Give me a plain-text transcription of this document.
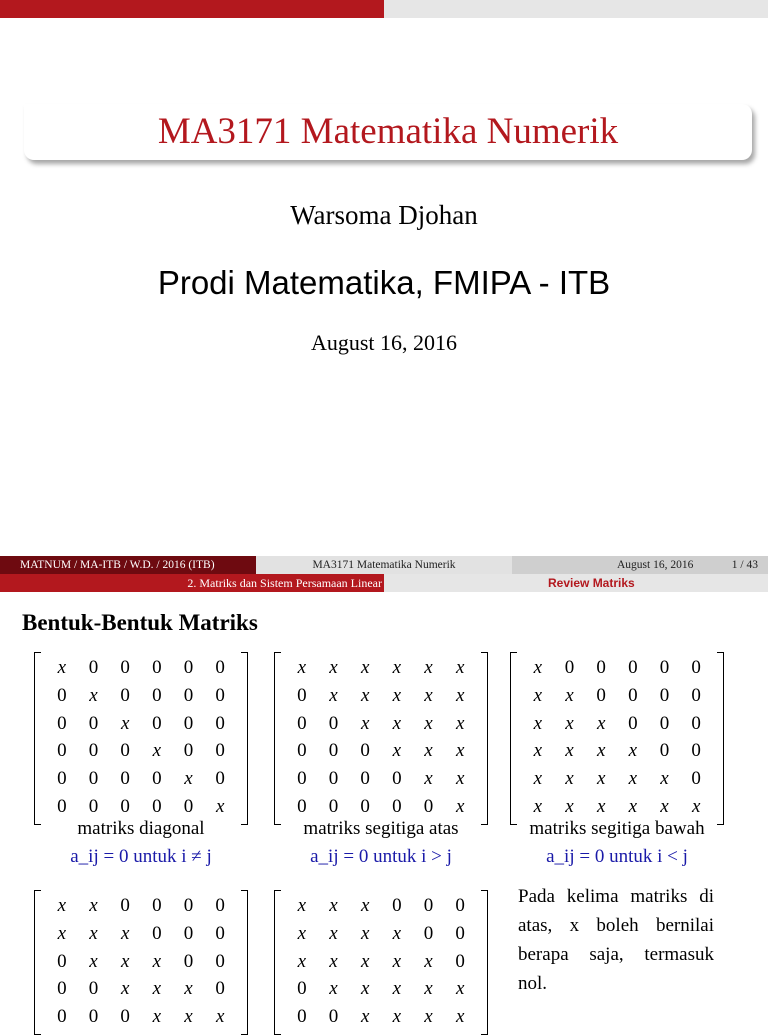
MA3171 Matematika Numerik
Warsoma Djohan
Prodi Matematika, FMIPA - ITB
August 16, 2016
MATNUM / MA-ITB / W.D. / 2016 (ITB)	MA3171 Matematika Numerik	August 16, 2016	1 / 43
2. Matriks dan Sistem Persamaan Linear	Review Matriks
Bentuk-Bentuk Matriks
x	0	0	0	0	0
0	x	0	0	0	0
0	0	x	0	0	0
0	0	0	x	0	0
0	0	0	0	x	0
0	0	0	0	0	x
matriks diagonal
a_ij = 0 untuk i ≠ j
x	x	x	x	x	x
0	x	x	x	x	x
0	0	x	x	x	x
0	0	0	x	x	x
0	0	0	0	x	x
0	0	0	0	0	x
matriks segitiga atas
a_ij = 0 untuk i > j
x	0	0	0	0	0
x	x	0	0	0	0
x	x	x	0	0	0
x	x	x	x	0	0
x	x	x	x	x	0
x	x	x	x	x	x
matriks segitiga bawah
a_ij = 0 untuk i < j
x	x	0	0	0	0
x	x	x	0	0	0
0	x	x	x	0	0
0	0	x	x	x	0
0	0	0	x	x	x
x	x	x	0	0	0
x	x	x	x	0	0
x	x	x	x	x	0
0	x	x	x	x	x
0	0	x	x	x	x
Pada kelima matriks di atas, x boleh bernilai berapa saja, termasuk nol.
